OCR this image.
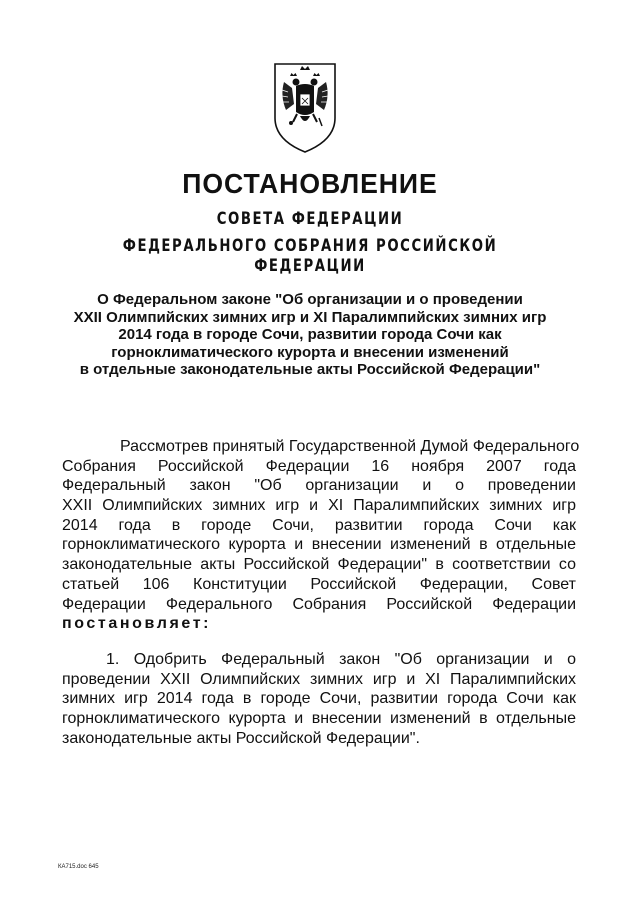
ПОСТАНОВЛЕНИЕ
СОВЕТА ФЕДЕРАЦИИ
ФЕДЕРАЛЬНОГО СОБРАНИЯ РОССИЙСКОЙ ФЕДЕРАЦИИ
О Федеральном законе "Об организации и о проведении
XXII Олимпийских зимних игр и XI Паралимпийских зимних игр
2014 года в городе Сочи, развитии города Сочи как
горноклиматического курорта и внесении изменений
в отдельные законодательные акты Российской Федерации"
Рассмотрев принятый Государственной Думой Федерального
Собрания Российской Федерации 16 ноября 2007 года
Федеральный закон "Об организации и о проведении
XXII Олимпийских зимних игр и XI Паралимпийских зимних игр
2014 года в городе Сочи, развитии города Сочи как
горноклиматического курорта и внесении изменений в отдельные
законодательные акты Российской Федерации" в соответствии со
статьей 106 Конституции Российской Федерации, Совет
Федерации Федерального Собрания Российской Федерации
постановляет:
1. Одобрить Федеральный закон "Об организации и о
проведении XXII Олимпийских зимних игр и XI Паралимпийских
зимних игр 2014 года в городе Сочи, развитии города Сочи как
горноклиматического курорта и внесении изменений в отдельные
законодательные акты Российской Федерации".
КА715.doc 645
